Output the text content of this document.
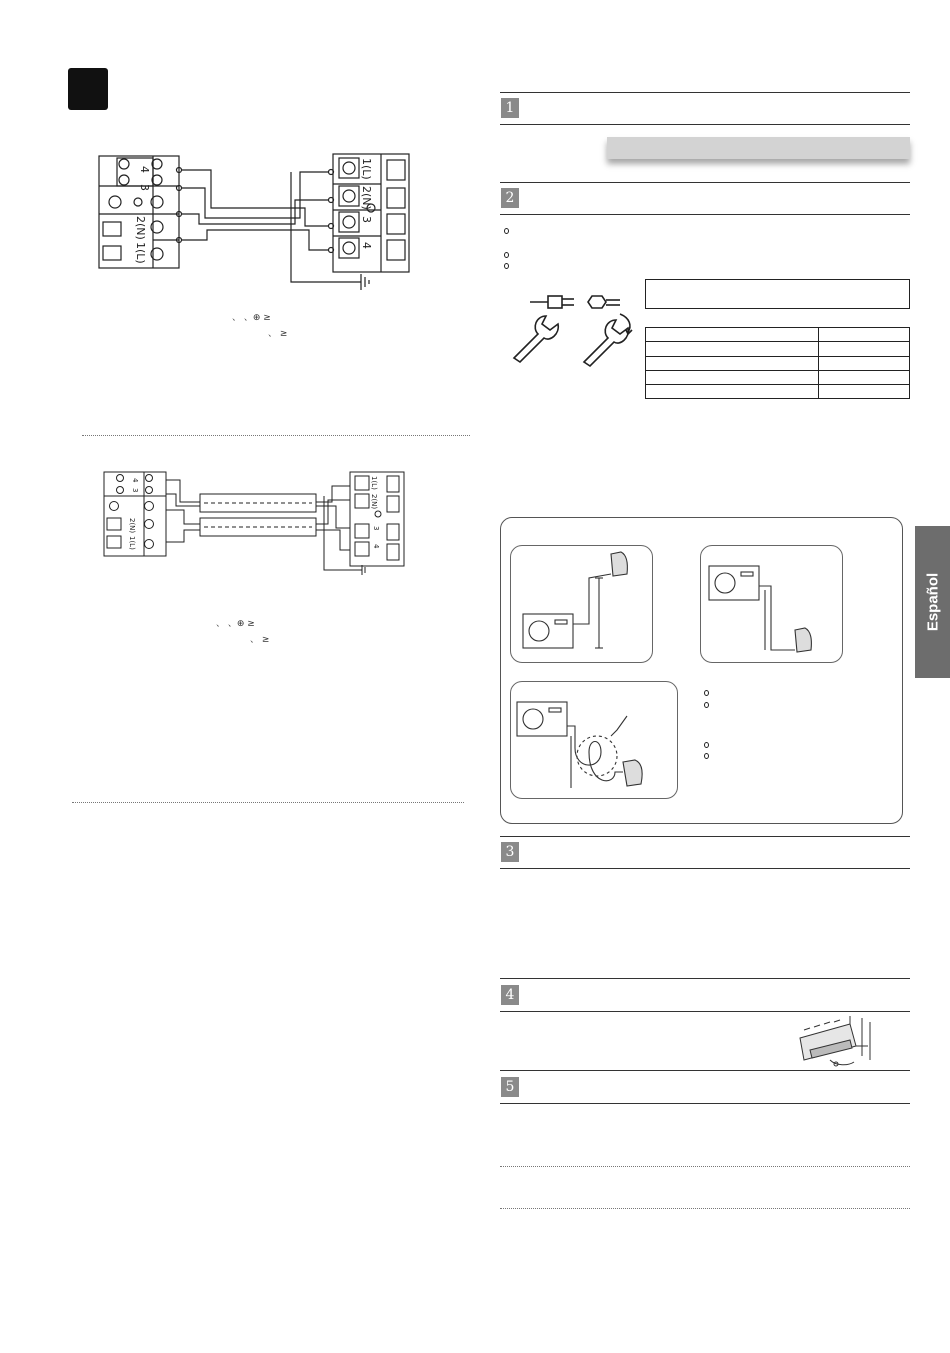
4
3
2(N)
1(L)
1(L)
2(N)
3
4
、 、⊕ ≥
、 ≥
4
3
2(N)
1(L)
1(L)
2(N)
3
4
、 、⊕ ≥
、 ≥
1
2

Español
3
4
5
